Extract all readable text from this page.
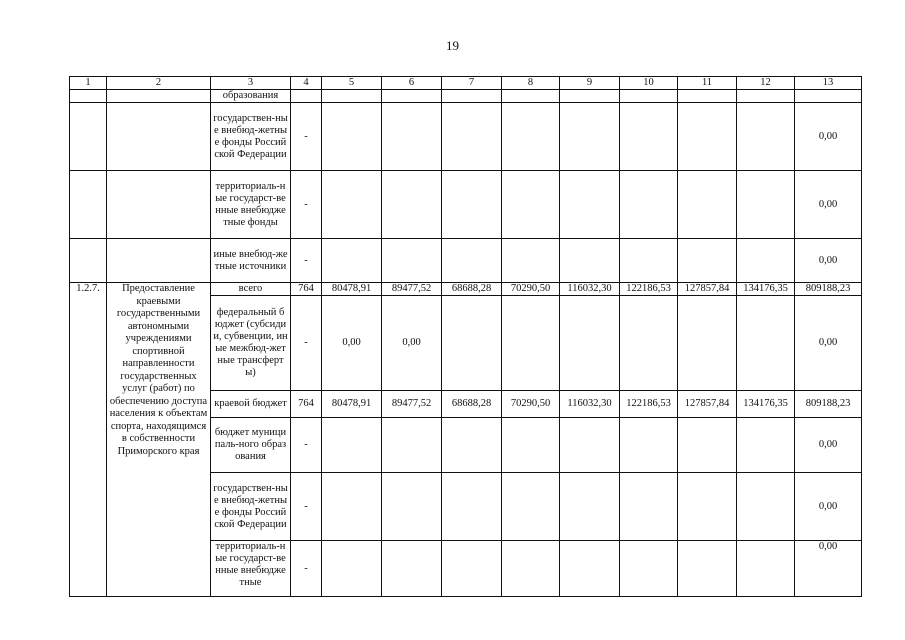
19
1	2	3	4	5	6	7	8	9	10	11	12	13
		образования										
		государствен-ные внебюд-жетные фонды Российской Федерации	-									0,00
		территориаль-ные государст-венные внебюджетные фонды	-									0,00
		иные внебюд-жетные источники	-									0,00
1.2.7.	Предоставление краевыми государственными автономными учреждениями спортивной направленности государственных услуг (работ) по обеспечению доступа населения к объектам спорта, находящимся в собственности Приморского края	всего	764	80478,91	89477,52	68688,28	70290,50	116032,30	122186,53	127857,84	134176,35	809188,23
		федеральный бюджет (субсидии, субвенции, иные межбюд-жетные трансферты)	-	0,00	0,00							0,00
		краевой бюджет	764	80478,91	89477,52	68688,28	70290,50	116032,30	122186,53	127857,84	134176,35	809188,23
		бюджет муниципаль-ного образования	-									0,00
		государствен-ные внебюд-жетные фонды Российской Федерации	-									0,00
		территориаль-ные государст-венные внебюджетные	-									0,00
